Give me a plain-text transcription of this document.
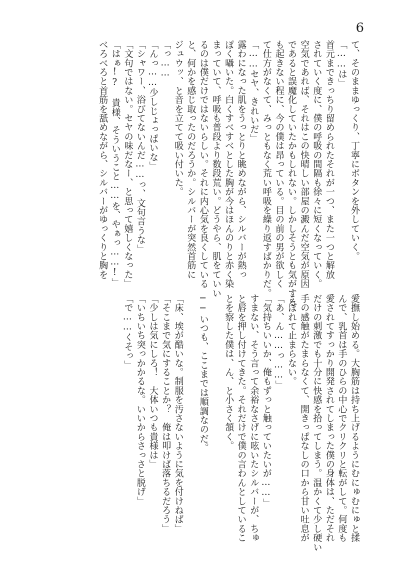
6
て、そのままゆっくり、丁寧にボタンを外していく。
「……は」
首元まできっちり留められたそれが一つ、また一つと解放
されていく度に、僕の呼吸の間隔も徐々に短くなっていく。
空気であれば、それはこの快晴しい部屋の澱んだ空気が原因
であると誤魔化していたかもしれない。しかしそうとも気がする
も起きない程に、今の僕は昂っている。目の前の男が欲しく
て仕方がなくて、みっともなく荒い呼吸を繰り返すばかりだ。
「……セヤ、きれいだ」
露わになった肌をうっとりと眺めながら、シルバーが熱っ
ぽく囁いた。白くすべすべとした胸が今はほんのりと赤く染
まっていて、呼吸も普段より数段荒い。どうやら、肌をていい
るのは僕だけではないらしい。それに内心気を良くしている
と、何かを感じ取ったのだろうか。シルバーが突然首筋に
ジュウッ、と音を立てて吸い付いた。
「っ……
「んっ……少しじょっぱいな」
「シャワー、浴びてないんだ……っ、文句言うな」
「文句ではない。セヤの味だなー、と思って嬉しくなった」
「はぁ!? 貴様、そういうこと……を、やぁっ……!」
べろべろと首筋を舐めながら、シルバーがゆっくりと胸を
愛撫し始める。大胸筋は持ち上げるようにむにゅむにゅと揉
んで、乳首は手のひらの中心でクリクリと転がして。何度も
愛されてすっかり開発されてしまった僕の身体は、ただそれ
だけの刺激でも十分に快感を拾ってしまう。温かくて少し硬い
手の感触がたまらなくて、開きっぱなしの口から甘い吐息が
こぼれて止まらない。
「あ、ん……っ……」
「気持ちいいか、俺もずっと触っていたいが……」
すまない、そう言って余裕なさげに呟いたシルバーが、ちゅ
と唇を押し付けてきた。それだけで僕の言わんとしているこ
とを察した僕は、ん、と小さく頷く。
──いつも、ここまでは順調なのだ。
「床、埃が酷いな。制服を汚さないように気を付けねば」
「そこまで気にすることか？　俺は叩けば落ちるだろう」
「少しは気にしろ！　大体いつも貴様は」
「いちいち突っかかるな。いいからさっさと脱げ」
「で……くそっ」
